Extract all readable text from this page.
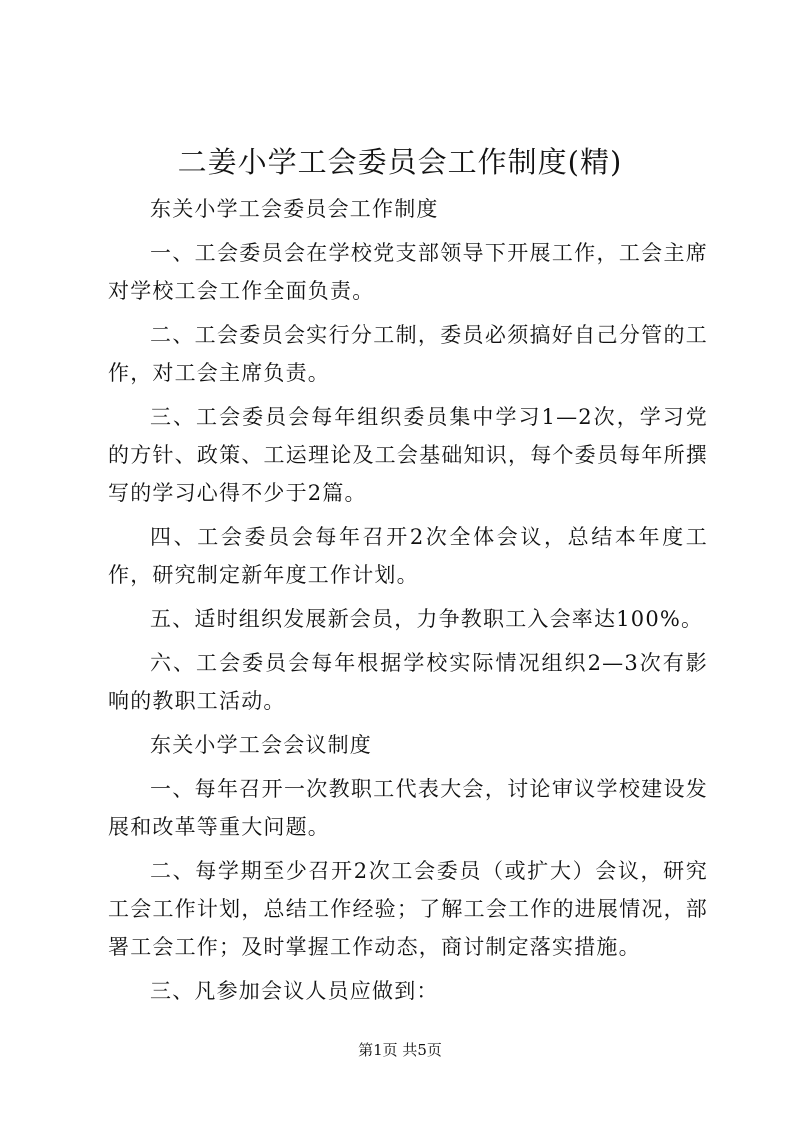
二姜小学工会委员会工作制度(精)

东关小学工会委员会工作制度

一、工会委员会在学校党支部领导下开展工作，工会主席对学校工会工作全面负责。

二、工会委员会实行分工制，委员必须搞好自己分管的工作，对工会主席负责。

三、工会委员会每年组织委员集中学习1—2次，学习党的方针、政策、工运理论及工会基础知识，每个委员每年所撰写的学习心得不少于2篇。

四、工会委员会每年召开2次全体会议，总结本年度工作，研究制定新年度工作计划。

五、适时组织发展新会员，力争教职工入会率达100%。

六、工会委员会每年根据学校实际情况组织2—3次有影响的教职工活动。

东关小学工会会议制度

一、每年召开一次教职工代表大会，讨论审议学校建设发展和改革等重大问题。

二、每学期至少召开2次工会委员（或扩大）会议，研究工会工作计划，总结工作经验；了解工会工作的进展情况，部署工会工作；及时掌握工作动态，商讨制定落实措施。

三、凡参加会议人员应做到：

第1页 共5页
